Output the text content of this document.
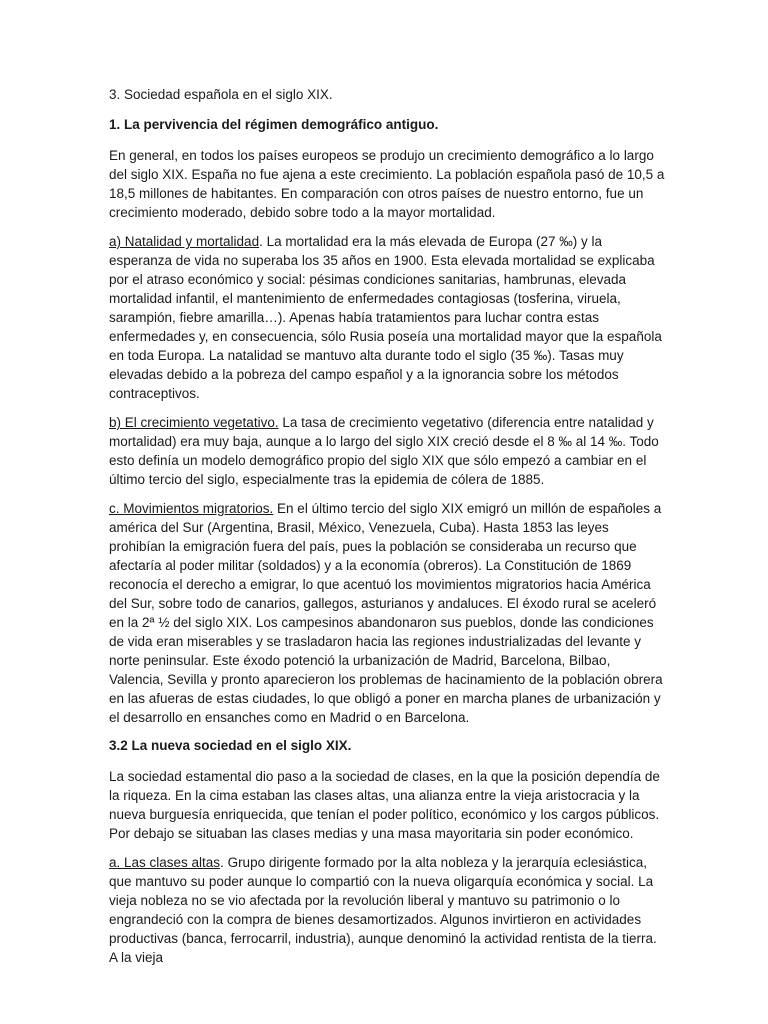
3. Sociedad española en el siglo XIX.
1. La pervivencia del régimen demográfico antiguo.

En general, en todos los países europeos se produjo un crecimiento demográfico a lo largo del siglo XIX. España no fue ajena a este crecimiento. La población española pasó de 10,5 a 18,5 millones de habitantes. En comparación con otros países de nuestro entorno, fue un crecimiento moderado, debido sobre todo a la mayor mortalidad.

a) Natalidad y mortalidad. La mortalidad era la más elevada de Europa (27 ‰) y la esperanza de vida no superaba los 35 años en 1900. Esta elevada mortalidad se explicaba por el atraso económico y social: pésimas condiciones sanitarias, hambrunas, elevada mortalidad infantil, el mantenimiento de enfermedades contagiosas (tosferina, viruela, sarampión, fiebre amarilla…). Apenas había tratamientos para luchar contra estas enfermedades y, en consecuencia, sólo Rusia poseía una mortalidad mayor que la española en toda Europa. La natalidad se mantuvo alta durante todo el siglo (35 ‰). Tasas muy elevadas debido a la pobreza del campo español y a la ignorancia sobre los métodos contraceptivos.

b) El crecimiento vegetativo. La tasa de crecimiento vegetativo (diferencia entre natalidad y mortalidad) era muy baja, aunque a lo largo del siglo XIX creció desde el 8 ‰ al 14 ‰. Todo esto definía un modelo demográfico propio del siglo XIX que sólo empezó a cambiar en el último tercio del siglo, especialmente tras la epidemia de cólera de 1885.

c. Movimientos migratorios. En el último tercio del siglo XIX emigró un millón de españoles a américa del Sur (Argentina, Brasil, México, Venezuela, Cuba). Hasta 1853 las leyes prohibían la emigración fuera del país, pues la población se consideraba un recurso que afectaría al poder militar (soldados) y a la economía (obreros). La Constitución de 1869 reconocía el derecho a emigrar, lo que acentuó los movimientos migratorios hacia América del Sur, sobre todo de canarios, gallegos, asturianos y andaluces. El éxodo rural se aceleró en la 2ª ½ del siglo XIX. Los campesinos abandonaron sus pueblos, donde las condiciones de vida eran miserables y se trasladaron hacia las regiones industrializadas del levante y norte peninsular. Este éxodo potenció la urbanización de Madrid, Barcelona, Bilbao, Valencia, Sevilla y pronto aparecieron los problemas de hacinamiento de la población obrera en las afueras de estas ciudades, lo que obligó a poner en marcha planes de urbanización y el desarrollo en ensanches como en Madrid o en Barcelona.

3.2 La nueva sociedad en el siglo XIX.

La sociedad estamental dio paso a la sociedad de clases, en la que la posición dependía de la riqueza. En la cima estaban las clases altas, una alianza entre la vieja aristocracia y la nueva burguesía enriquecida, que tenían el poder político, económico y los cargos públicos. Por debajo se situaban las clases medias y una masa mayoritaria sin poder económico.

a. Las clases altas. Grupo dirigente formado por la alta nobleza y la jerarquía eclesiástica, que mantuvo su poder aunque lo compartió con la nueva oligarquía económica y social. La vieja nobleza no se vio afectada por la revolución liberal y mantuvo su patrimonio o lo engrandeció con la compra de bienes desamortizados. Algunos invirtieron en actividades productivas (banca, ferrocarril, industria), aunque denominó la actividad rentista de la tierra. A la vieja
